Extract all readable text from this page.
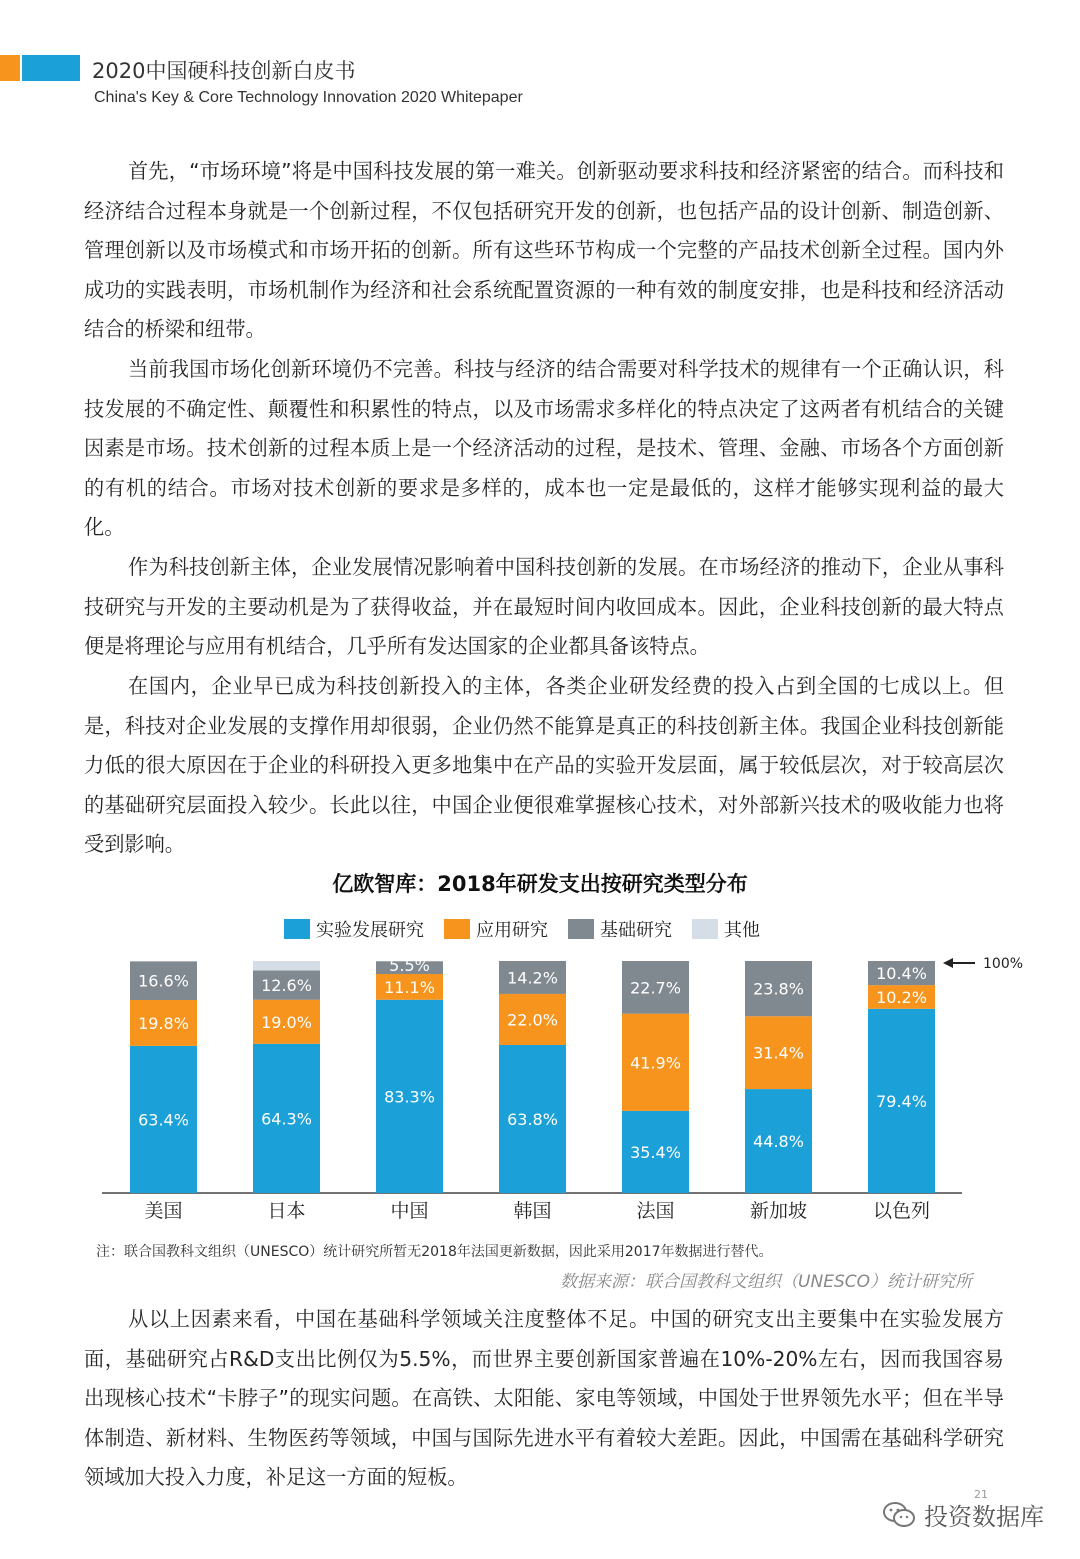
2020中国硬科技创新白皮书
China's Key & Core Technology Innovation 2020 Whitepaper

首先，“市场环境”将是中国科技发展的第一难关。创新驱动要求科技和经济紧密的结合。而科技和经济结合过程本身就是一个创新过程，不仅包括研究开发的创新，也包括产品的设计创新、制造创新、管理创新以及市场模式和市场开拓的创新。所有这些环节构成一个完整的产品技术创新全过程。国内外成功的实践表明，市场机制作为经济和社会系统配置资源的一种有效的制度安排，也是科技和经济活动结合的桥梁和纽带。

当前我国市场化创新环境仍不完善。科技与经济的结合需要对科学技术的规律有一个正确认识，科技发展的不确定性、颠覆性和积累性的特点，以及市场需求多样化的特点决定了这两者有机结合的关键因素是市场。技术创新的过程本质上是一个经济活动的过程，是技术、管理、金融、市场各个方面创新的有机的结合。市场对技术创新的要求是多样的，成本也一定是最低的，这样才能够实现利益的最大化。

作为科技创新主体，企业发展情况影响着中国科技创新的发展。在市场经济的推动下，企业从事科技研究与开发的主要动机是为了获得收益，并在最短时间内收回成本。因此，企业科技创新的最大特点便是将理论与应用有机结合，几乎所有发达国家的企业都具备该特点。

在国内，企业早已成为科技创新投入的主体，各类企业研发经费的投入占到全国的七成以上。但是，科技对企业发展的支撑作用却很弱，企业仍然不能算是真正的科技创新主体。我国企业科技创新能力低的很大原因在于企业的科研投入更多地集中在产品的实验开发层面，属于较低层次，对于较高层次的基础研究层面投入较少。长此以往，中国企业便很难掌握核心技术，对外部新兴技术的吸收能力也将受到影响。

亿欧智库：2018年研发支出按研究类型分布
实验发展研究	应用研究	基础研究	其他
63.4%
19.8%
16.6%
美国
64.3%
19.0%
12.6%
日本
83.3%
11.1%
5.5%
中国
63.8%
22.0%
14.2%
韩国
35.4%
41.9%
22.7%
法国
44.8%
31.4%
23.8%
新加坡
79.4%
10.2%
10.4%
以色列
100%
注：联合国教科文组织（UNESCO）统计研究所暂无2018年法国更新数据，因此采用2017年数据进行替代。
数据来源：联合国教科文组织（UNESCO）统计研究所

从以上因素来看，中国在基础科学领域关注度整体不足。中国的研究支出主要集中在实验发展方面，基础研究占R&D支出比例仅为5.5%，而世界主要创新国家普遍在10%-20%左右，因而我国容易出现核心技术“卡脖子”的现实问题。在高铁、太阳能、家电等领域，中国处于世界领先水平；但在半导体制造、新材料、生物医药等领域，中国与国际先进水平有着较大差距。因此，中国需在基础科学研究领域加大投入力度，补足这一方面的短板。

21
投资数据库
